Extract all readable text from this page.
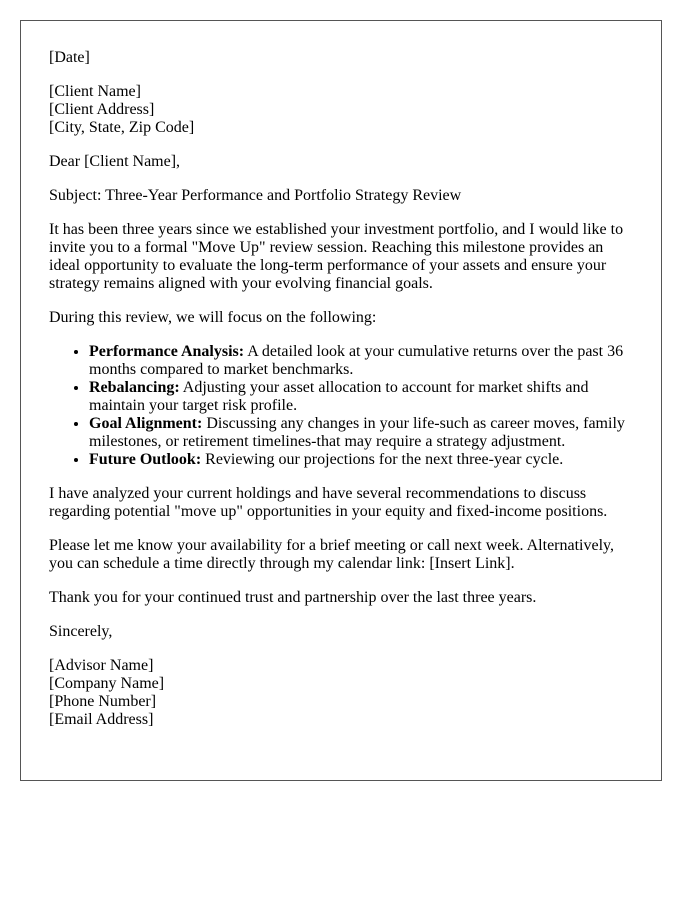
[Date]

[Client Name]
[Client Address]
[City, State, Zip Code]

Dear [Client Name],

Subject: Three-Year Performance and Portfolio Strategy Review

It has been three years since we established your investment portfolio, and I would like to invite you to a formal "Move Up" review session. Reaching this milestone provides an ideal opportunity to evaluate the long-term performance of your assets and ensure your strategy remains aligned with your evolving financial goals.

During this review, we will focus on the following:

• Performance Analysis: A detailed look at your cumulative returns over the past 36 months compared to market benchmarks.
• Rebalancing: Adjusting your asset allocation to account for market shifts and maintain your target risk profile.
• Goal Alignment: Discussing any changes in your life-such as career moves, family milestones, or retirement timelines-that may require a strategy adjustment.
• Future Outlook: Reviewing our projections for the next three-year cycle.

I have analyzed your current holdings and have several recommendations to discuss regarding potential "move up" opportunities in your equity and fixed-income positions.

Please let me know your availability for a brief meeting or call next week. Alternatively, you can schedule a time directly through my calendar link: [Insert Link].

Thank you for your continued trust and partnership over the last three years.

Sincerely,

[Advisor Name]
[Company Name]
[Phone Number]
[Email Address]
